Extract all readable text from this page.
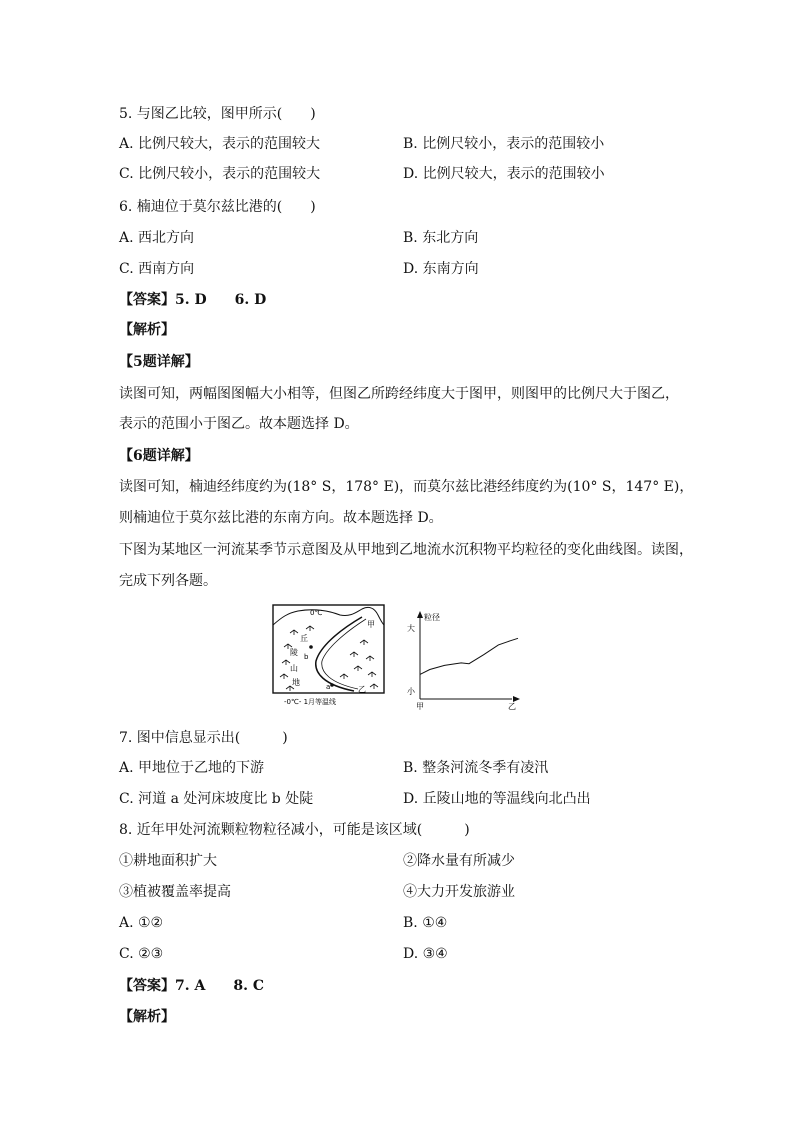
5. 与图乙比较，图甲所示(　　)
A. 比例尺较大，表示的范围较大	B. 比例尺较小，表示的范围较小
C. 比例尺较小，表示的范围较大	D. 比例尺较大，表示的范围较小
6. 楠迪位于莫尔兹比港的(　　)
A. 西北方向	B. 东北方向
C. 西南方向	D. 东南方向
【答案】5. D　　6. D
【解析】
【5题详解】
读图可知，两幅图图幅大小相等，但图乙所跨经纬度大于图甲，则图甲的比例尺大于图乙，
表示的范围小于图乙。故本题选择 D。
【6题详解】
读图可知，楠迪经纬度约为(18° S，178° E)，而莫尔兹比港经纬度约为(10° S，147° E)，
则楠迪位于莫尔兹比港的东南方向。故本题选择 D。
下图为某地区一河流某季节示意图及从甲地到乙地流水沉积物平均粒径的变化曲线图。读图，
完成下列各题。
0℃
b
a
甲
乙
丘
陵
山
地
-0℃- 1月等温线
粒径
大
小
甲	乙
7. 图中信息显示出(　　　)
A. 甲地位于乙地的下游	B. 整条河流冬季有凌汛
C. 河道 a 处河床坡度比 b 处陡	D. 丘陵山地的等温线向北凸出
8. 近年甲处河流颗粒物粒径减小，可能是该区域(　　　)
①耕地面积扩大	②降水量有所减少
③植被覆盖率提高	④大力开发旅游业
A. ①②	B. ①④
C. ②③	D. ③④
【答案】7. A　　8. C
【解析】
